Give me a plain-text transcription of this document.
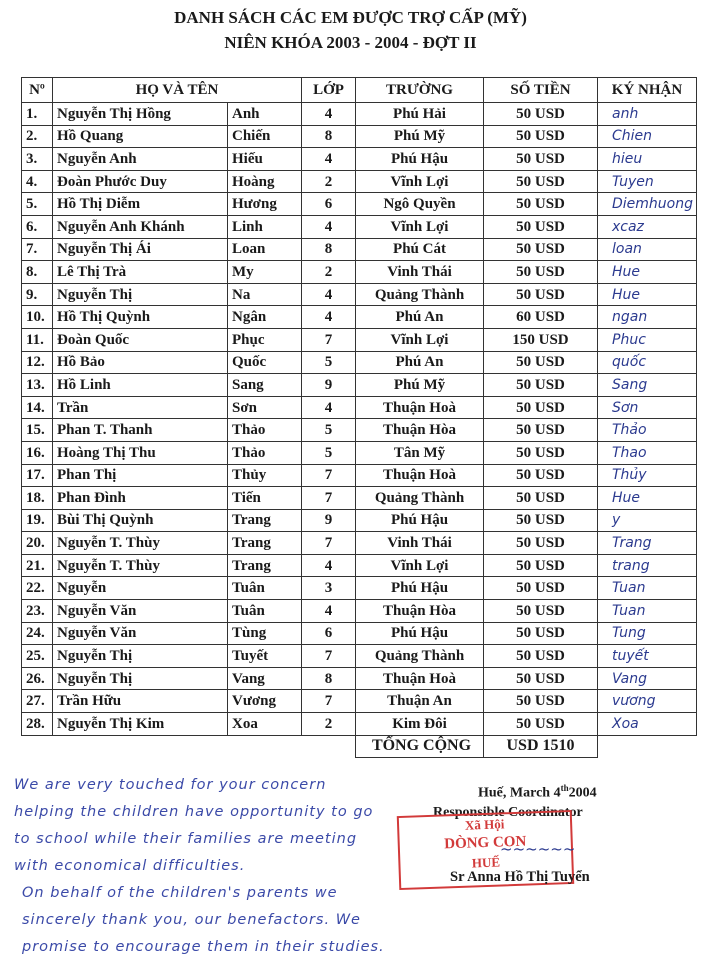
DANH SÁCH CÁC EM ĐƯỢC TRỢ CẤP (MỸ)
NIÊN KHÓA 2003 - 2004 - ĐỢT II
Nº	HỌ VÀ TÊN		LỚP	TRƯỜNG	SỐ TIỀN	KÝ NHẬN
1.	Nguyễn Thị Hồng	Anh	4	Phú Hải	50 USD	anh
2.	Hồ Quang	Chiến	8	Phú Mỹ	50 USD	Chien
3.	Nguyễn Anh	Hiếu	4	Phú Hậu	50 USD	hieu
4.	Đoàn Phước Duy	Hoàng	2	Vĩnh Lợi	50 USD	Tuyen
5.	Hồ Thị Diễm	Hương	6	Ngô Quyền	50 USD	Diemhuong
6.	Nguyễn Anh Khánh	Linh	4	Vĩnh Lợi	50 USD	xcaz
7.	Nguyễn Thị Ái	Loan	8	Phú Cát	50 USD	loan
8.	Lê Thị Trà	My	2	Vinh Thái	50 USD	Hue
9.	Nguyễn Thị	Na	4	Quảng Thành	50 USD	Hue
10.	Hồ Thị Quỳnh	Ngân	4	Phú An	60 USD	ngan
11.	Đoàn Quốc	Phục	7	Vĩnh Lợi	150 USD	Phuc
12.	Hồ Bảo	Quốc	5	Phú An	50 USD	quốc
13.	Hồ Linh	Sang	9	Phú Mỹ	50 USD	Sang
14.	Trần	Sơn	4	Thuận Hoà	50 USD	Sơn
15.	Phan T. Thanh	Thảo	5	Thuận Hòa	50 USD	Thảo
16.	Hoàng Thị Thu	Thảo	5	Tân Mỹ	50 USD	Thao
17.	Phan Thị	Thủy	7	Thuận Hoà	50 USD	Thủy
18.	Phan Đình	Tiến	7	Quảng Thành	50 USD	Hue
19.	Bùi Thị Quỳnh	Trang	9	Phú Hậu	50 USD	y
20.	Nguyễn T. Thùy	Trang	7	Vinh Thái	50 USD	Trang
21.	Nguyễn T. Thùy	Trang	4	Vĩnh Lợi	50 USD	trang
22.	Nguyễn	Tuân	3	Phú Hậu	50 USD	Tuan
23.	Nguyễn Văn	Tuân	4	Thuận Hòa	50 USD	Tuan
24.	Nguyễn Văn	Tùng	6	Phú Hậu	50 USD	Tung
25.	Nguyễn Thị	Tuyết	7	Quảng Thành	50 USD	tuyết
26.	Nguyễn Thị	Vang	8	Thuận Hoà	50 USD	Vang
27.	Trần Hữu	Vương	7	Thuận An	50 USD	vương
28.	Nguyễn Thị Kim	Xoa	2	Kim Đôi	50 USD	Xoa
				TỔNG CỘNG	USD 1510	
We are very touched for your concern
helping the children have opportunity to go
to school while their families are meeting
with economical difficulties.
On behalf of the children's parents we
sincerely thank you, our benefactors. We
promise to encourage them in their studies.
Huế, March 4th2004
Responsible Coordinator
Xã Hội
DÒNG CON
HUẾ
~~~~~~
Sr Anna Hồ Thị Tuyển
